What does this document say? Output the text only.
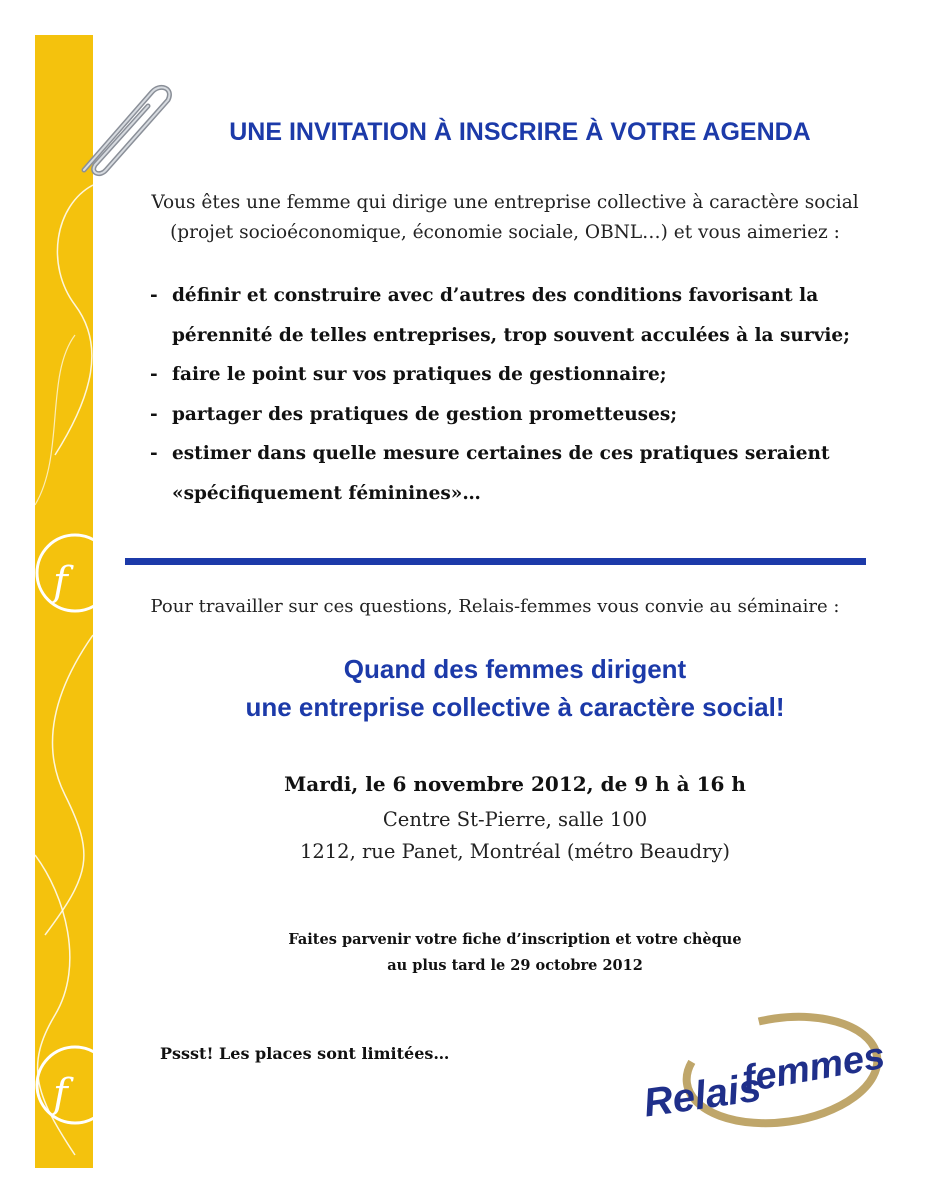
f
f
UNE INVITATION À INSCRIRE À VOTRE AGENDA
Vous êtes une femme qui dirige une entreprise collective à caractère social
(projet socioéconomique, économie sociale, OBNL…) et vous aimeriez :
- définir et construire avec d’autres des conditions favorisant la pérennité de telles entreprises, trop souvent acculées à la survie;
- faire le point sur vos pratiques de gestionnaire;
- partager des pratiques de gestion prometteuses;
- estimer dans quelle mesure certaines de ces pratiques seraient «spécifiquement féminines»…
Pour travailler sur ces questions, Relais-femmes vous convie au séminaire :
Quand des femmes dirigent
une entreprise collective à caractère social!
Mardi, le 6 novembre 2012, de 9 h à 16 h
Centre St-Pierre, salle 100
1212, rue Panet, Montréal (métro Beaudry)
Faites parvenir votre fiche d’inscription et votre chèque
au plus tard le 29 octobre 2012
Pssst! Les places sont limitées…
Relais
femmes
